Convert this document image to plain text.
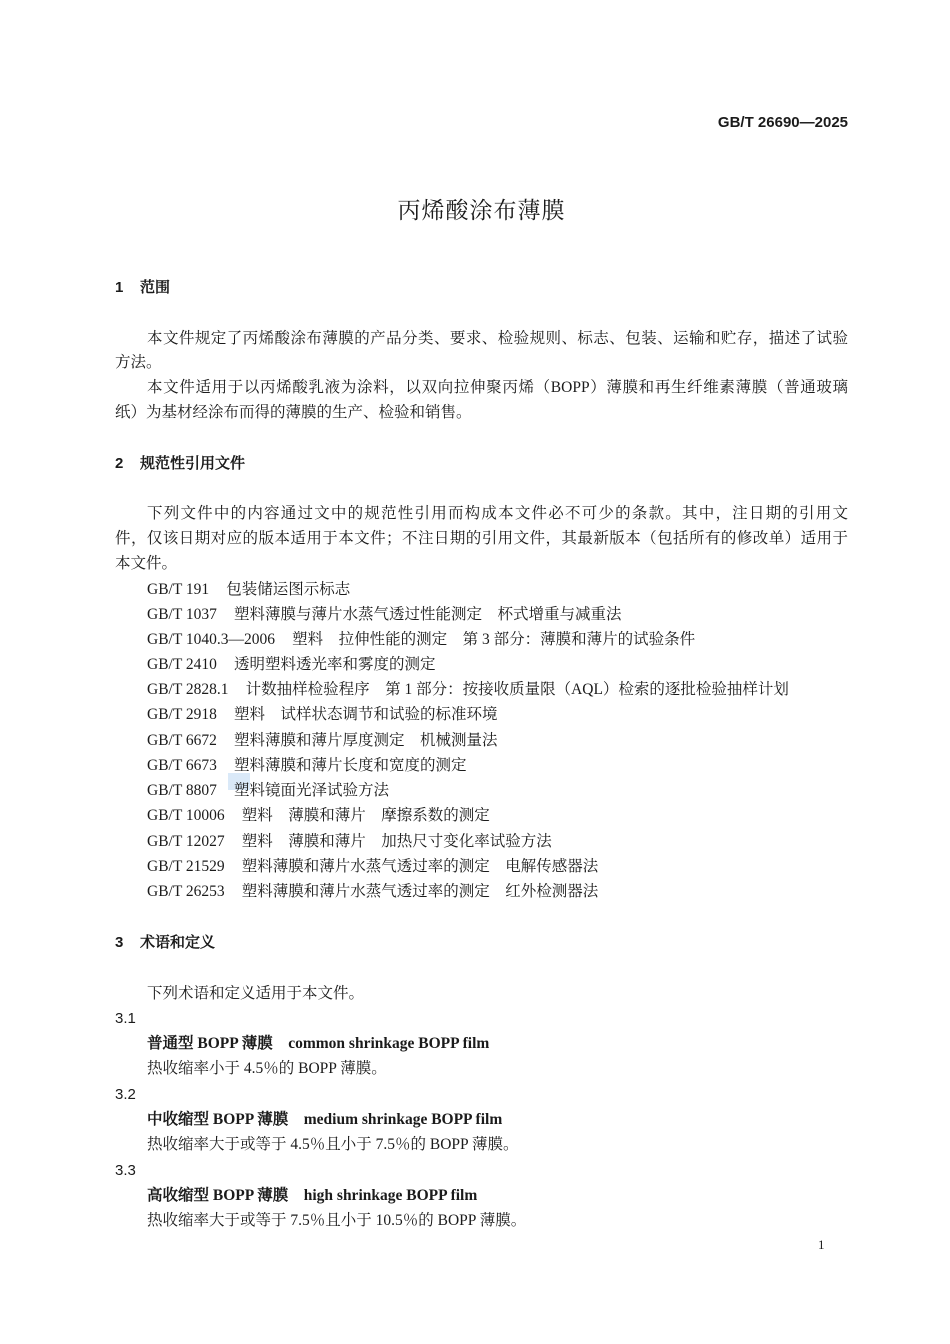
GB/T 26690—2025
丙烯酸涂布薄膜
1 范围
本文件规定了丙烯酸涂布薄膜的产品分类、要求、检验规则、标志、包装、运输和贮存，描述了试验
方法。
本文件适用于以丙烯酸乳液为涂料，以双向拉伸聚丙烯（BOPP）薄膜和再生纤维素薄膜（普通玻璃
纸）为基材经涂布而得的薄膜的生产、检验和销售。
2 规范性引用文件
下列文件中的内容通过文中的规范性引用而构成本文件必不可少的条款。其中，注日期的引用文
件，仅该日期对应的版本适用于本文件；不注日期的引用文件，其最新版本（包括所有的修改单）适用于
本文件。
GB/T 191 包装储运图示标志
GB/T 1037 塑料薄膜与薄片水蒸气透过性能测定　杯式增重与减重法
GB/T 1040.3—2006 塑料　拉伸性能的测定　第 3 部分：薄膜和薄片的试验条件
GB/T 2410 透明塑料透光率和雾度的测定
GB/T 2828.1 计数抽样检验程序　第 1 部分：按接收质量限（AQL）检索的逐批检验抽样计划
GB/T 2918 塑料　试样状态调节和试验的标准环境
GB/T 6672 塑料薄膜和薄片厚度测定　机械测量法
GB/T 6673 塑料薄膜和薄片长度和宽度的测定
GB/T 8807 塑料镜面光泽试验方法
GB/T 10006 塑料　薄膜和薄片　摩擦系数的测定
GB/T 12027 塑料　薄膜和薄片　加热尺寸变化率试验方法
GB/T 21529 塑料薄膜和薄片水蒸气透过率的测定　电解传感器法
GB/T 26253 塑料薄膜和薄片水蒸气透过率的测定　红外检测器法
3 术语和定义
下列术语和定义适用于本文件。
3.1
普通型 BOPP 薄膜 common shrinkage BOPP film
热收缩率小于 4.5％的 BOPP 薄膜。
3.2
中收缩型 BOPP 薄膜 medium shrinkage BOPP film
热收缩率大于或等于 4.5％且小于 7.5％的 BOPP 薄膜。
3.3
高收缩型 BOPP 薄膜 high shrinkage BOPP film
热收缩率大于或等于 7.5％且小于 10.5％的 BOPP 薄膜。
1
